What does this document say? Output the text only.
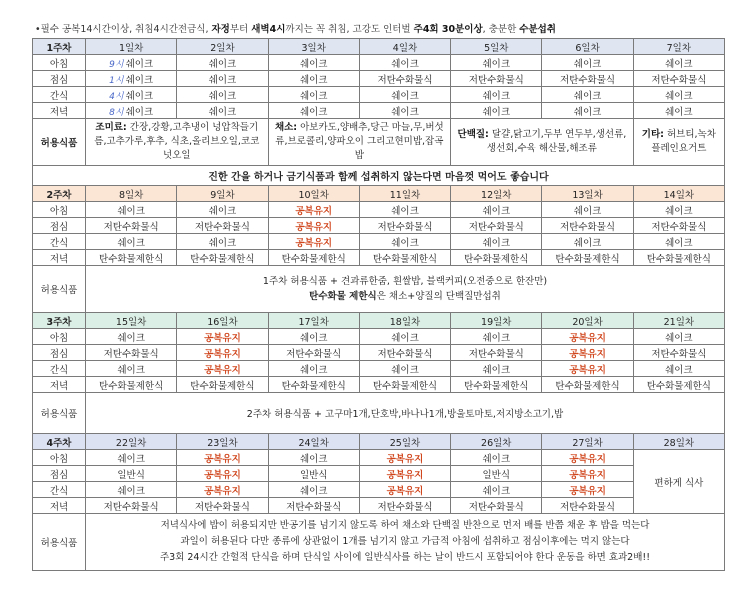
•필수 공복14시간이상, 취침4시간전금식, 자정부터 새벽4시까지는 꼭 취침, 고강도 인터벌 주4회 30분이상, 충분한 수분섭취
1주차	1일차	2일차	3일차	4일차	5일차	6일차	7일차
아침	9시 쉐이크	쉐이크	쉐이크	쉐이크	쉐이크	쉐이크	쉐이크
점심	1시 쉐이크	쉐이크	쉐이크	저탄수화물식	저탄수화물식	저탄수화물식	저탄수화물식
간식	4시 쉐이크	쉐이크	쉐이크	쉐이크	쉐이크	쉐이크	쉐이크
저녁	8시 쉐이크	쉐이크	쉐이크	쉐이크	쉐이크	쉐이크	쉐이크
허용식품	조미료: 간장,강황,고추냉이 넝압착들기름,고추가루,후추, 식초,올리브오일,코코넛오일		채소: 아보카도,양배추,당근 마늘,무,버섯류,브로콜리,양파오이 그리고현미밥,잡곡밥		단백질: 달걀,닭고기,두부 연두부,생선류,생선회,수육 해산물,해조류		기타: 허브티,녹차 플레인요거트
진한 간을 하거나 금기식품과 함께 섭취하지 않는다면 마음껏 먹어도 좋습니다							
2주차	8일차	9일차	10일차	11일차	12일차	13일차	14일차
아침	쉐이크	쉐이크	공복유지	쉐이크	쉐이크	쉐이크	쉐이크
점심	저탄수화물식	저탄수화물식	공복유지	저탄수화물식	저탄수화물식	저탄수화물식	저탄수화물식
간식	쉐이크	쉐이크	공복유지	쉐이크	쉐이크	쉐이크	쉐이크
저녁	탄수화물제한식	탄수화물제한식	탄수화물제한식	탄수화물제한식	탄수화물제한식	탄수화물제한식	탄수화물제한식
허용식품	1주차 허용식품 + 견과류한줌, 흰쌀밥, 블랙커피(오전중으로 한잔만)
탄수화물 제한식은 채소+양질의 단백질만섭취						

3주차	15일차	16일차	17일차	18일차	19일차	20일차	21일차
아침	쉐이크	공복유지	쉐이크	쉐이크	쉐이크	공복유지	쉐이크
점심	저탄수화물식	공복유지	저탄수화물식	저탄수화물식	저탄수화물식	공복유지	저탄수화물식
간식	쉐이크	공복유지	쉐이크	쉐이크	쉐이크	공복유지	쉐이크
저녁	탄수화물제한식	탄수화물제한식	탄수화물제한식	탄수화물제한식	탄수화물제한식	탄수화물제한식	탄수화물제한식
허용식품	2주차 허용식품 + 고구마1개,단호박,바나나1개,방울토마토,저지방소고기,밥						
4주차	22일차	23일차	24일차	25일차	26일차	27일차	28일차
아침	쉐이크	공복유지	쉐이크	공복유지	쉐이크	공복유지	편하게 식사
점심	일반식	공복유지	일반식	공복유지	일반식	공복유지	
간식	쉐이크	공복유지	쉐이크	공복유지	쉐이크	공복유지	
저녁	저탄수화물식	저탄수화물식	저탄수화물식	저탄수화물식	저탄수화물식	저탄수화물식	
허용식품	저녁식사에 밥이 허용되지만 반공기를 넘기지 않도록 하여 채소와 단백질 반찬으로 먼저 배를 반쯤 채운 후 밥을 먹는다
과일이 허용된다 다만 종류에 상관없이 1개를 넘기지 않고 가급적 아침에 섭취하고 점심이후에는 먹지 않는다
주3회 24시간 간헐적 단식을 하며 단식일 사이에 일반식사를 하는 날이 반드시 포함되어야 한다 운동을 하면 효과2배!!						
